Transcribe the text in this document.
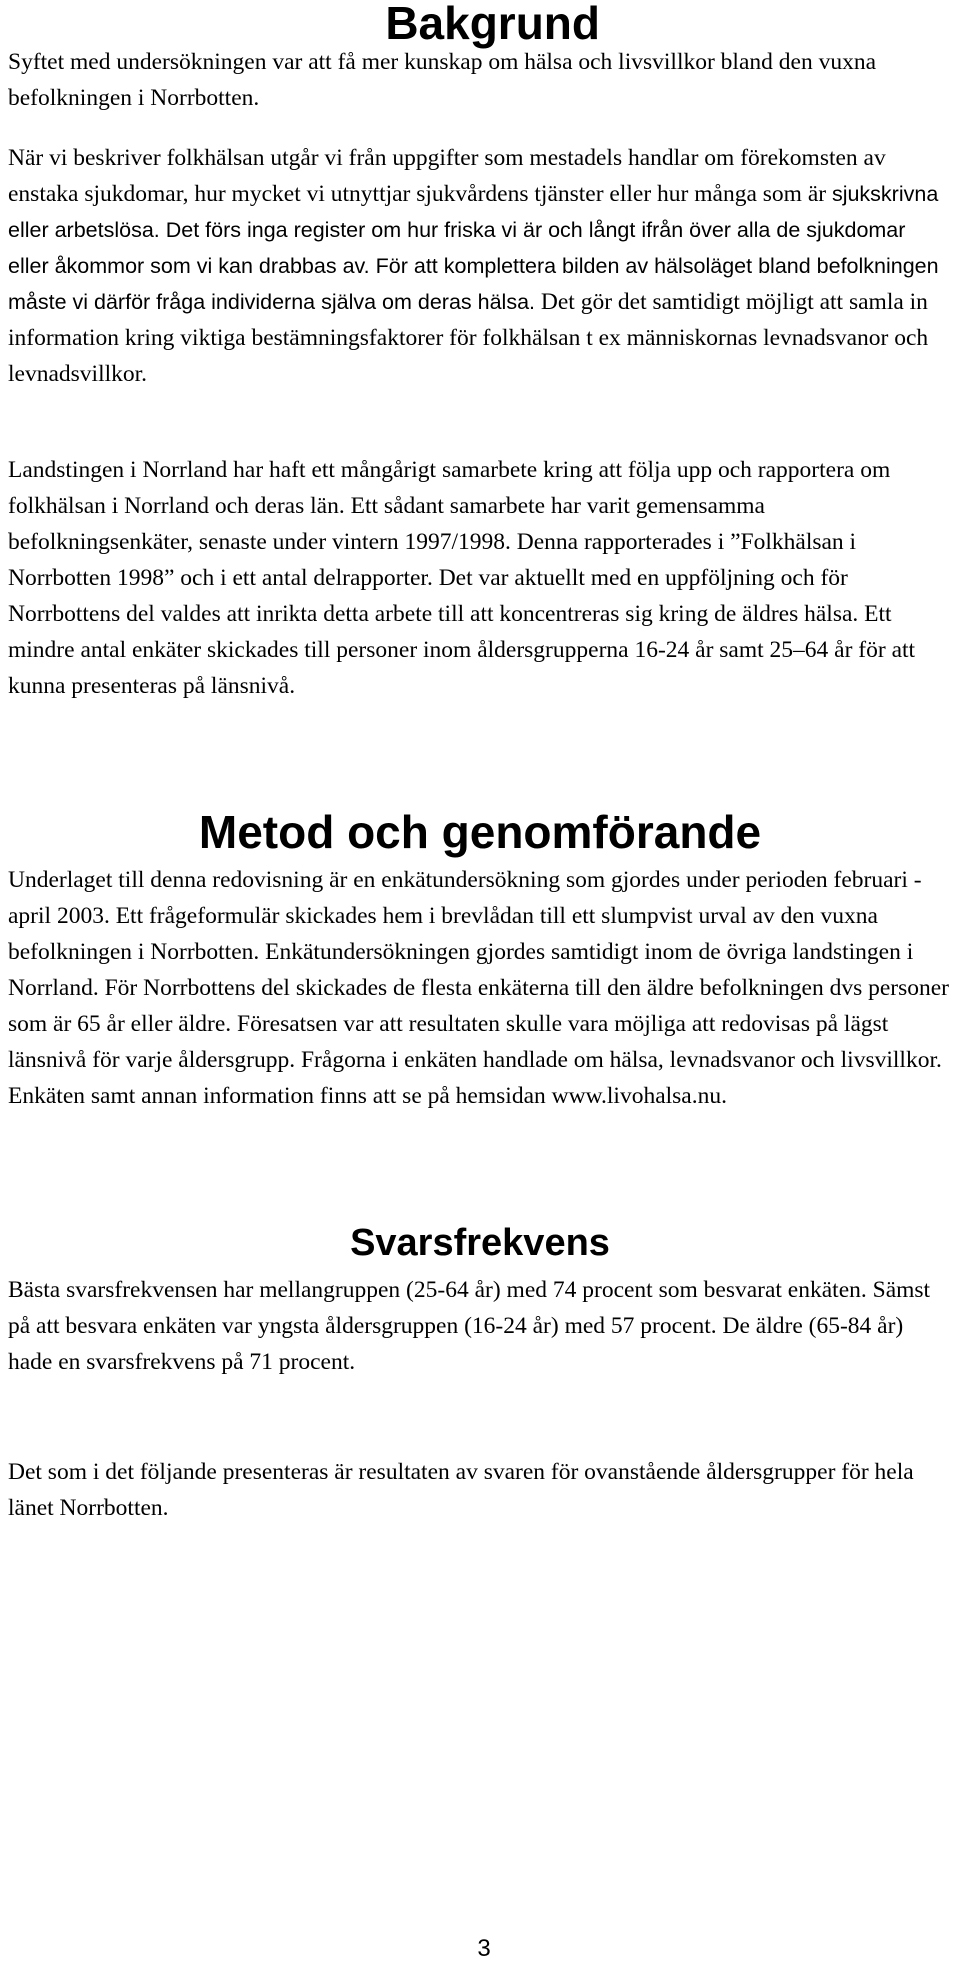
Bakgrund

Syftet med undersökningen var att få mer kunskap om hälsa och livsvillkor bland den vuxna befolkningen i Norrbotten.

När vi beskriver folkhälsan utgår vi från uppgifter som mestadels handlar om förekomsten av enstaka sjukdomar, hur mycket vi utnyttjar sjukvårdens tjänster eller hur många som är sjukskrivna eller arbetslösa. Det förs inga register om hur friska vi är och långt ifrån över alla de sjukdomar eller åkommor som vi kan drabbas av. För att komplettera bilden av hälsoläget bland befolkningen måste vi därför fråga individerna själva om deras hälsa. Det gör det samtidigt möjligt att samla in information kring viktiga bestämningsfaktorer för folkhälsan t ex människornas levnadsvanor och levnadsvillkor.

Landstingen i Norrland har haft ett mångårigt samarbete kring att följa upp och rapportera om folkhälsan i Norrland och deras län. Ett sådant samarbete har varit gemensamma befolkningsenkäter, senaste under vintern 1997/1998. Denna rapporterades i ”Folkhälsan i Norrbotten 1998” och i ett antal delrapporter. Det var aktuellt med en uppföljning och för Norrbottens del valdes att inrikta detta arbete till att koncentreras sig kring de äldres hälsa. Ett mindre antal enkäter skickades till personer inom åldersgrupperna 16-24 år samt 25–64 år för att kunna presenteras på länsnivå.

Metod och genomförande

Underlaget till denna redovisning är en enkätundersökning som gjordes under perioden februari - april 2003. Ett frågeformulär skickades hem i brevlådan till ett slumpvist urval av den vuxna befolkningen i Norrbotten. Enkätundersökningen gjordes samtidigt inom de övriga landstingen i Norrland. För Norrbottens del skickades de flesta enkäterna till den äldre befolkningen dvs personer som är 65 år eller äldre. Föresatsen var att resultaten skulle vara möjliga att redovisas på lägst länsnivå för varje åldersgrupp. Frågorna i enkäten handlade om hälsa, levnadsvanor och livsvillkor. Enkäten samt annan information finns att se på hemsidan www.livohalsa.nu.

Svarsfrekvens

Bästa svarsfrekvensen har mellangruppen (25-64 år) med 74 procent som besvarat enkäten. Sämst på att besvara enkäten var yngsta åldersgruppen (16-24 år) med 57 procent. De äldre (65-84 år) hade en svarsfrekvens på 71 procent.

Det som i det följande presenteras är resultaten av svaren för ovanstående åldersgrupper för hela länet Norrbotten.

3
